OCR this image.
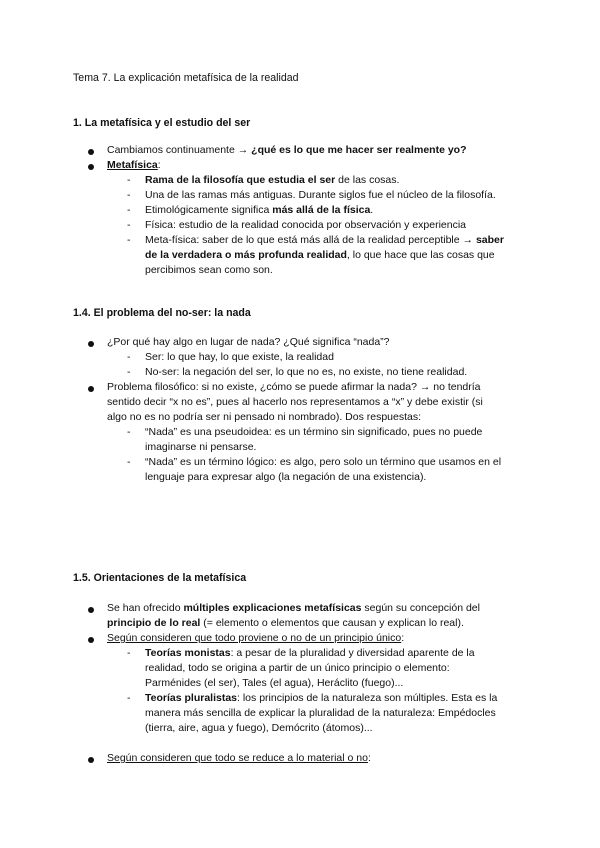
Tema 7. La explicación metafísica de la realidad
1. La metafísica y el estudio del ser
Cambiamos continuamente → ¿qué es lo que me hacer ser realmente yo?
Metafísica:
- Rama de la filosofía que estudia el ser de las cosas.
- Una de las ramas más antiguas. Durante siglos fue el núcleo de la filosofía.
- Etimológicamente significa más allá de la física.
- Física: estudio de la realidad conocida por observación y experiencia
- Meta-física: saber de lo que está más allá de la realidad perceptible → saber
de la verdadera o más profunda realidad, lo que hace que las cosas que
percibimos sean como son.
1.4. El problema del no-ser: la nada
¿Por qué hay algo en lugar de nada? ¿Qué significa “nada”?
- Ser: lo que hay, lo que existe, la realidad
- No-ser: la negación del ser, lo que no es, no existe, no tiene realidad.
Problema filosófico: si no existe, ¿cómo se puede afirmar la nada? → no tendría
sentido decir “x no es”, pues al hacerlo nos representamos a “x” y debe existir (si
algo no es no podría ser ni pensado ni nombrado). Dos respuestas:
- “Nada” es una pseudoidea: es un término sin significado, pues no puede
imaginarse ni pensarse.
- “Nada” es un término lógico: es algo, pero solo un término que usamos en el
lenguaje para expresar algo (la negación de una existencia).
1.5. Orientaciones de la metafísica
Se han ofrecido múltiples explicaciones metafísicas según su concepción del
principio de lo real (= elemento o elementos que causan y explican lo real).
Según consideren que todo proviene o no de un principio único:
- Teorías monistas: a pesar de la pluralidad y diversidad aparente de la
realidad, todo se origina a partir de un único principio o elemento:
Parménides (el ser), Tales (el agua), Heráclito (fuego)...
- Teorías pluralistas: los principios de la naturaleza son múltiples. Esta es la
manera más sencilla de explicar la pluralidad de la naturaleza: Empédocles
(tierra, aire, agua y fuego), Demócrito (átomos)...
Según consideren que todo se reduce a lo material o no:
